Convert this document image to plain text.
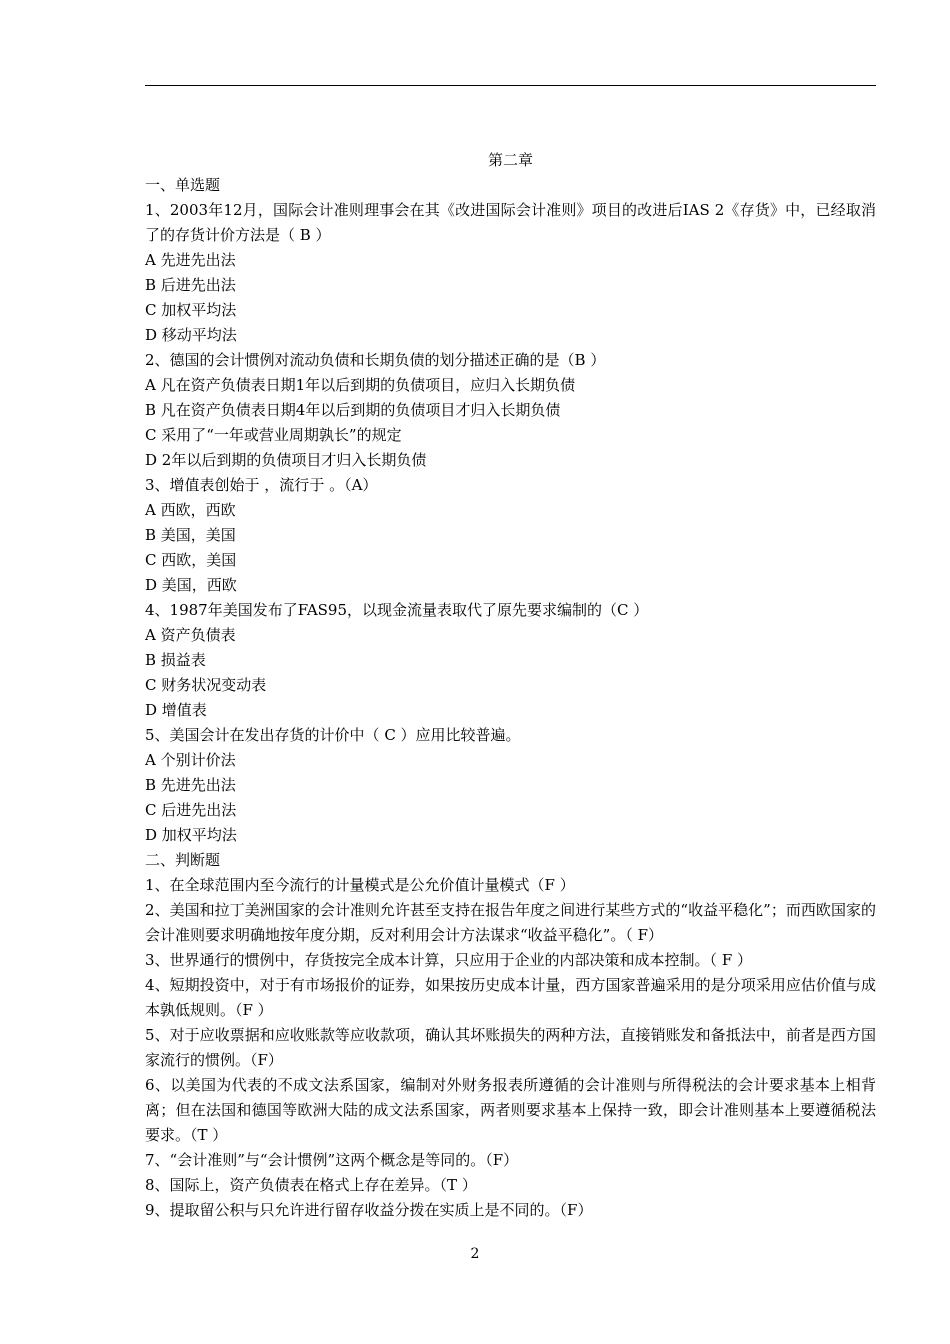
第二章
一、单选题
1、2003年12月，国际会计准则理事会在其《改进国际会计准则》项目的改进后IAS 2《存货》中，已经取消了的存货计价方法是（ B ）
A 先进先出法
B 后进先出法
C 加权平均法
D 移动平均法
2、德国的会计惯例对流动负债和长期负债的划分描述正确的是（B ）
A 凡在资产负债表日期1年以后到期的负债项目，应归入长期负债
B 凡在资产负债表日期4年以后到期的负债项目才归入长期负债
C 采用了“一年或营业周期孰长”的规定
D 2年以后到期的负债项目才归入长期负债
3、增值表创始于 ，流行于 。（A）
A 西欧，西欧
B 美国，美国
C 西欧，美国
D 美国，西欧
4、1987年美国发布了FAS95，以现金流量表取代了原先要求编制的（C ）
A 资产负债表
B 损益表
C 财务状况变动表
D 增值表
5、美国会计在发出存货的计价中（ C ）应用比较普遍。
A 个别计价法
B 先进先出法
C 后进先出法
D 加权平均法
二、判断题
1、在全球范围内至今流行的计量模式是公允价值计量模式（F ）
2、美国和拉丁美洲国家的会计准则允许甚至支持在报告年度之间进行某些方式的“收益平稳化”；而西欧国家的会计准则要求明确地按年度分期，反对利用会计方法谋求“收益平稳化”。（ F）
3、世界通行的惯例中，存货按完全成本计算，只应用于企业的内部决策和成本控制。（ F ）
4、短期投资中，对于有市场报价的证券，如果按历史成本计量，西方国家普遍采用的是分项采用应估价值与成本孰低规则。（F ）
5、对于应收票据和应收账款等应收款项，确认其坏账损失的两种方法，直接销账发和备抵法中，前者是西方国家流行的惯例。（F）
6、以美国为代表的不成文法系国家，编制对外财务报表所遵循的会计准则与所得税法的会计要求基本上相背离；但在法国和德国等欧洲大陆的成文法系国家，两者则要求基本上保持一致，即会计准则基本上要遵循税法要求。（T ）
7、“会计准则”与“会计惯例”这两个概念是等同的。（F）
8、国际上，资产负债表在格式上存在差异。（T ）
9、提取留公积与只允许进行留存收益分拨在实质上是不同的。（F）
2
